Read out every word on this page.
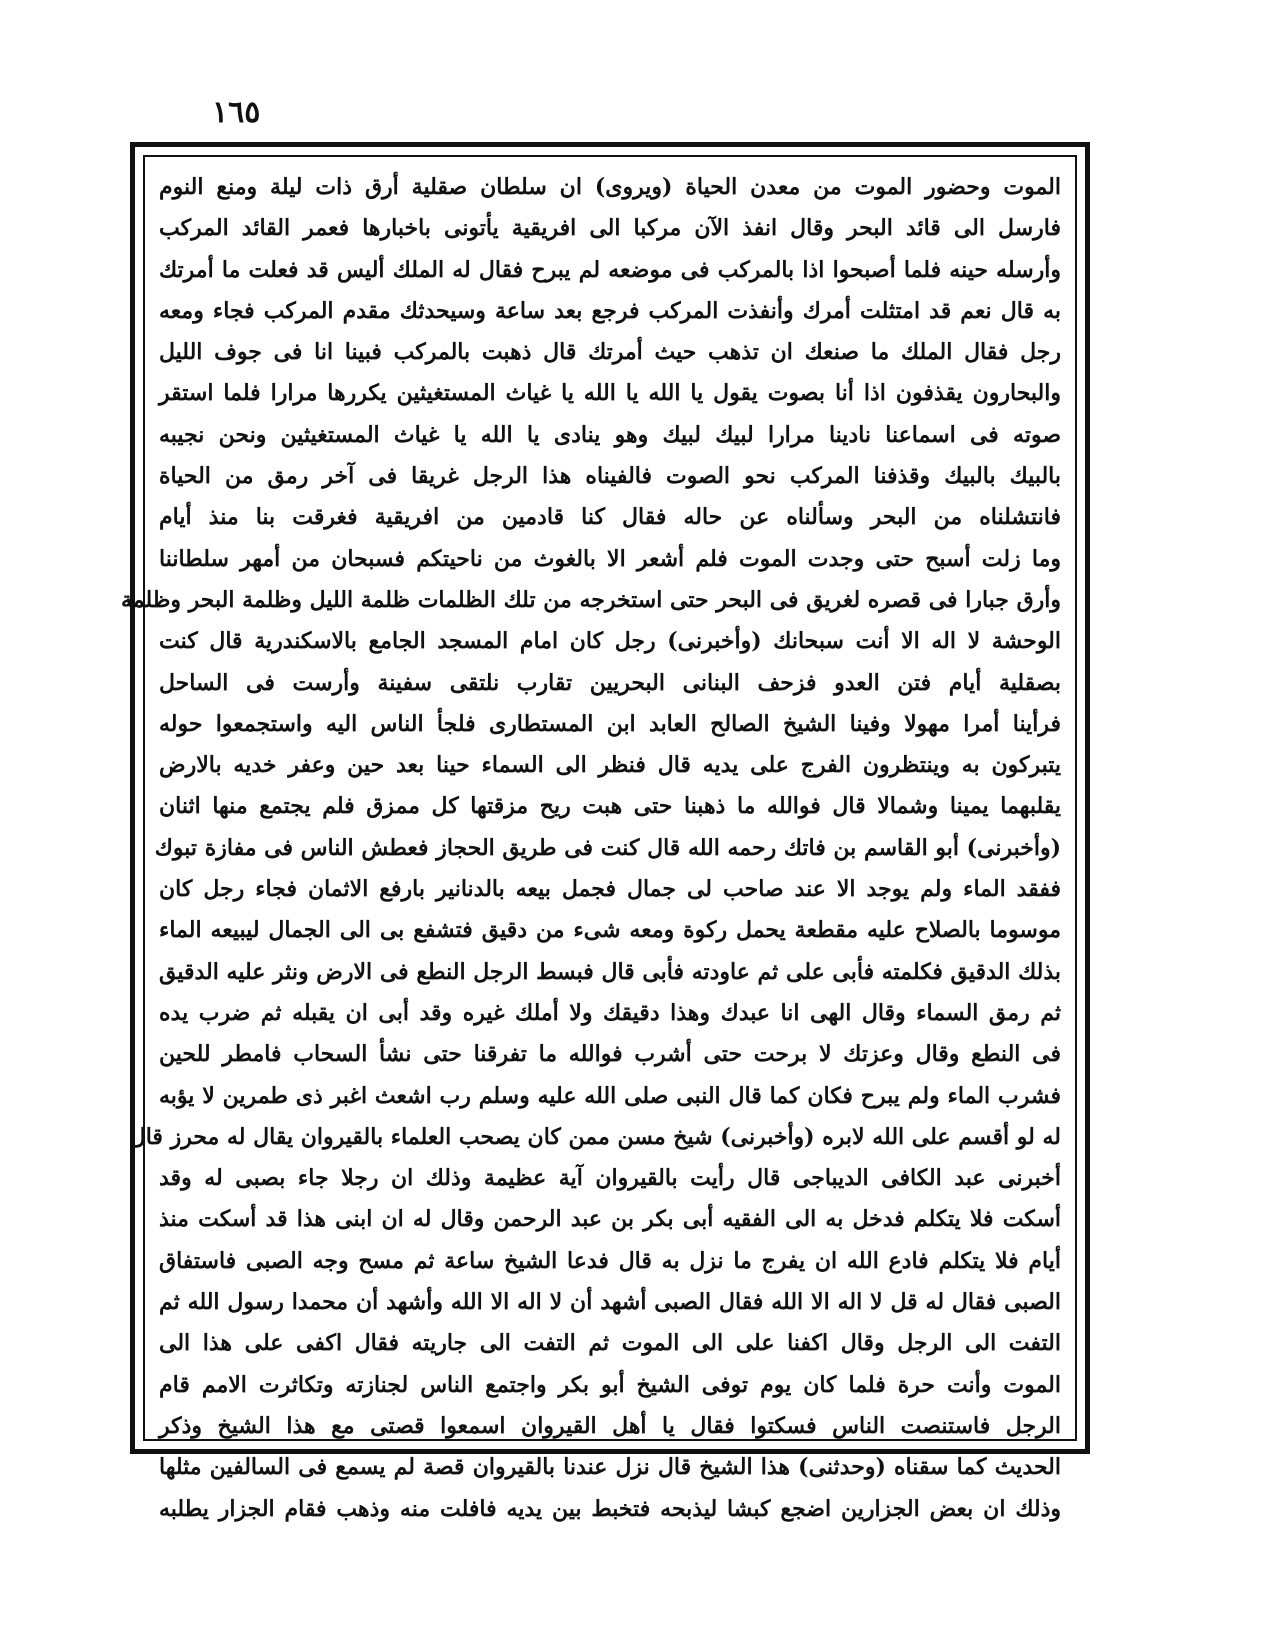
١٦٥
الموت وحضور الموت من معدن الحياة (ويروى) ان سلطان صقلية أرق ذات ليلة ومنع النوم
فارسل الى قائد البحر وقال انفذ الآن مركبا الى افريقية يأتونى باخبارها فعمر القائد المركب
وأرسله حينه فلما أصبحوا اذا بالمركب فى موضعه لم يبرح فقال له الملك أليس قد فعلت ما أمرتك
به قال نعم قد امتثلت أمرك وأنفذت المركب فرجع بعد ساعة وسيحدثك مقدم المركب فجاء ومعه
رجل فقال الملك ما صنعك ان تذهب حيث أمرتك قال ذهبت بالمركب فبينا انا فى جوف الليل
والبحارون يقذفون اذا أنا بصوت يقول يا الله يا الله يا غياث المستغيثين يكررها مرارا فلما استقر
صوته فى اسماعنا نادينا مرارا لبيك لبيك وهو ينادى يا الله يا غياث المستغيثين ونحن نجيبه
بالبيك بالبيك وقذفنا المركب نحو الصوت فالفيناه هذا الرجل غريقا فى آخر رمق من الحياة
فانتشلناه من البحر وسألناه عن حاله فقال كنا قادمين من افريقية فغرقت بنا منذ أيام
وما زلت أسبح حتى وجدت الموت فلم أشعر الا بالغوث من ناحيتكم فسبحان من أمهر سلطاننا
وأرق جبارا فى قصره لغريق فى البحر حتى استخرجه من تلك الظلمات ظلمة الليل وظلمة البحر وظلمة
الوحشة لا اله الا أنت سبحانك (وأخبرنى) رجل كان امام المسجد الجامع بالاسكندرية قال كنت
بصقلية أيام فتن العدو فزحف البنانى البحريين تقارب نلتقى سفينة وأرست فى الساحل
فرأينا أمرا مهولا وفينا الشيخ الصالح العابد ابن المستطارى فلجأ الناس اليه واستجمعوا حوله
يتبركون به وينتظرون الفرج على يديه قال فنظر الى السماء حينا بعد حين وعفر خديه بالارض
يقلبهما يمينا وشمالا قال فوالله ما ذهبنا حتى هبت ريح مزقتها كل ممزق فلم يجتمع منها اثنان
(وأخبرنى) أبو القاسم بن فاتك رحمه الله قال كنت فى طريق الحجاز فعطش الناس فى مفازة تبوك
ففقد الماء ولم يوجد الا عند صاحب لى جمال فجمل بيعه بالدنانير بارفع الاثمان فجاء رجل كان
موسوما بالصلاح عليه مقطعة يحمل ركوة ومعه شىء من دقيق فتشفع بى الى الجمال ليبيعه الماء
بذلك الدقيق فكلمته فأبى على ثم عاودته فأبى قال فبسط الرجل النطع فى الارض ونثر عليه الدقيق
ثم رمق السماء وقال الهى انا عبدك وهذا دقيقك ولا أملك غيره وقد أبى ان يقبله ثم ضرب يده
فى النطع وقال وعزتك لا برحت حتى أشرب فوالله ما تفرقنا حتى نشأ السحاب فامطر للحين
فشرب الماء ولم يبرح فكان كما قال النبى صلى الله عليه وسلم رب اشعث اغبر ذى طمرين لا يؤبه
له لو أقسم على الله لابره (وأخبرنى) شيخ مسن ممن كان يصحب العلماء بالقيروان يقال له محرز قال
أخبرنى عبد الكافى الديباجى قال رأيت بالقيروان آية عظيمة وذلك ان رجلا جاء بصبى له وقد
أسكت فلا يتكلم فدخل به الى الفقيه أبى بكر بن عبد الرحمن وقال له ان ابنى هذا قد أسكت منذ
أيام فلا يتكلم فادع الله ان يفرج ما نزل به قال فدعا الشيخ ساعة ثم مسح وجه الصبى فاستفاق
الصبى فقال له قل لا اله الا الله فقال الصبى أشهد أن لا اله الا الله وأشهد أن محمدا رسول الله ثم
التفت الى الرجل وقال اكفنا على الى الموت ثم التفت الى جاريته فقال اكفى على هذا الى
الموت وأنت حرة فلما كان يوم توفى الشيخ أبو بكر واجتمع الناس لجنازته وتكاثرت الامم قام
الرجل فاستنصت الناس فسكتوا فقال يا أهل القيروان اسمعوا قصتى مع هذا الشيخ وذكر
الحديث كما سقناه (وحدثنى) هذا الشيخ قال نزل عندنا بالقيروان قصة لم يسمع فى السالفين مثلها
وذلك ان بعض الجزارين اضجع كبشا ليذبحه فتخبط بين يديه فافلت منه وذهب فقام الجزار يطلبه
